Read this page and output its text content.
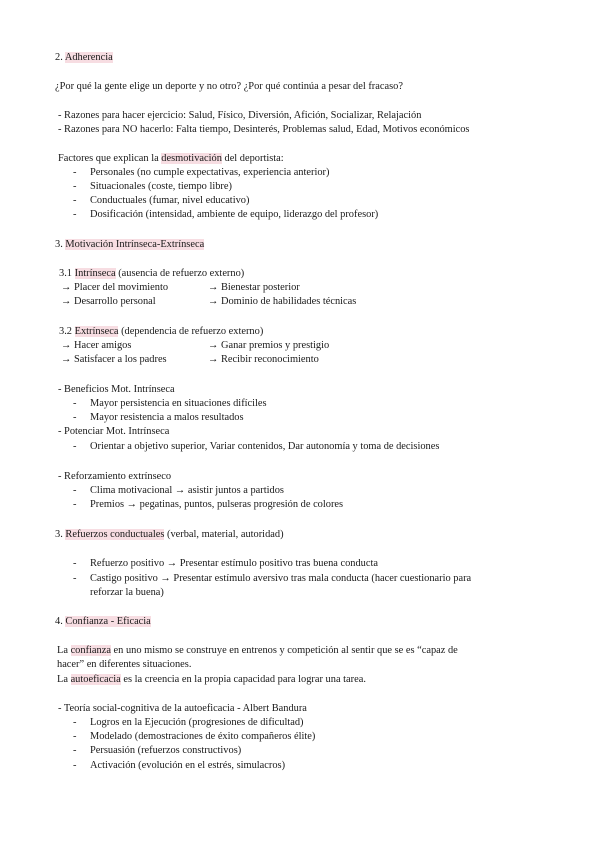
2. Adherencia
¿Por qué la gente elige un deporte y no otro? ¿Por qué continúa a pesar del fracaso?
- Razones para hacer ejercicio: Salud, Físico, Diversión, Afición, Socializar, Relajación
- Razones para NO hacerlo: Falta tiempo, Desinterés, Problemas salud, Edad, Motivos económicos
Factores que explican la desmotivación del deportista:
- Personales (no cumple expectativas, experiencia anterior)
- Situacionales (coste, tiempo libre)
- Conductuales (fumar, nivel educativo)
- Dosificación (intensidad, ambiente de equipo, liderazgo del profesor)
3. Motivación Intrínseca-Extrínseca
3.1 Intrínseca (ausencia de refuerzo externo)
→ Placer del movimiento	→ Bienestar posterior
→ Desarrollo personal	→ Dominio de habilidades técnicas
3.2 Extrínseca (dependencia de refuerzo externo)
→ Hacer amigos	→ Ganar premios y prestigio
→ Satisfacer a los padres	→ Recibir reconocimiento
- Beneficios Mot. Intrínseca
- Mayor persistencia en situaciones difíciles
- Mayor resistencia a malos resultados
- Potenciar Mot. Intrínseca
- Orientar a objetivo superior, Variar contenidos, Dar autonomía y toma de decisiones
- Reforzamiento extrínseco
- Clima motivacional → asistir juntos a partidos
- Premios → pegatinas, puntos, pulseras progresión de colores
3. Refuerzos conductuales (verbal, material, autoridad)
- Refuerzo positivo → Presentar estímulo positivo tras buena conducta
- Castigo positivo → Presentar estímulo aversivo tras mala conducta (hacer cuestionario para
reforzar la buena)
4. Confianza - Eficacia
La confianza en uno mismo se construye en entrenos y competición al sentir que se es “capaz de
hacer” en diferentes situaciones.
La autoeficacia es la creencia en la propia capacidad para lograr una tarea.
- Teoría social-cognitiva de la autoeficacia - Albert Bandura
- Logros en la Ejecución (progresiones de dificultad)
- Modelado (demostraciones de éxito compañeros élite)
- Persuasión (refuerzos constructivos)
- Activación (evolución en el estrés, simulacros)
